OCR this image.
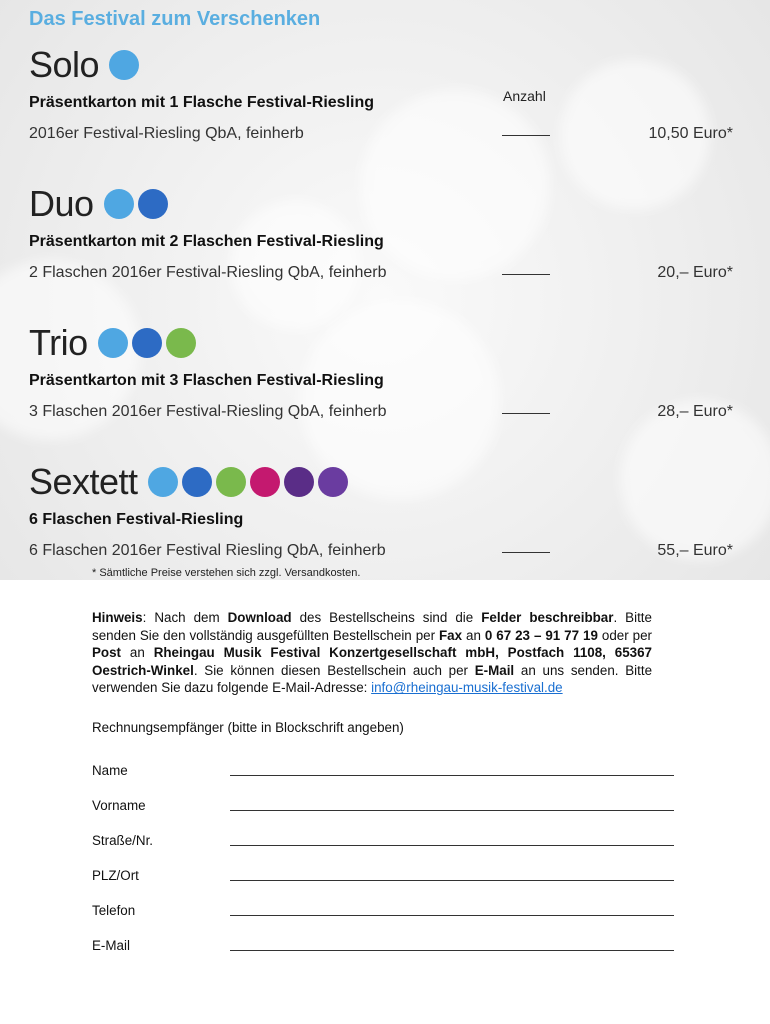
Das Festival zum Verschenken
Anzahl
Solo
Präsentkarton mit 1 Flasche Festival-Riesling
2016er Festival-Riesling QbA, feinherb	10,50 Euro*
Duo
Präsentkarton mit 2 Flaschen Festival-Riesling
2 Flaschen 2016er Festival-Riesling QbA, feinherb	20,– Euro*
Trio
Präsentkarton mit 3 Flaschen Festival-Riesling
3 Flaschen 2016er Festival-Riesling QbA, feinherb	28,– Euro*
Sextett
6 Flaschen Festival-Riesling
6 Flaschen 2016er Festival Riesling QbA, feinherb	55,– Euro*
* Sämtliche Preise verstehen sich zzgl. Versandkosten.
Hinweis: Nach dem Download des Bestellscheins sind die Felder beschreibbar. Bitte senden Sie den vollständig ausgefüllten Bestellschein per Fax an 0 67 23 – 91 77 19 oder per Post an Rheingau Musik Festival Konzertgesellschaft mbH, Postfach 1108, 65367 Oestrich-Winkel. Sie können diesen Bestellschein auch per E-Mail an uns senden. Bitte verwenden Sie dazu folgende E-Mail-Adresse: info@rheingau-musik-festival.de
Rechnungsempfänger (bitte in Blockschrift angeben)
Name
Vorname
Straße/Nr.
PLZ/Ort
Telefon
E-Mail
